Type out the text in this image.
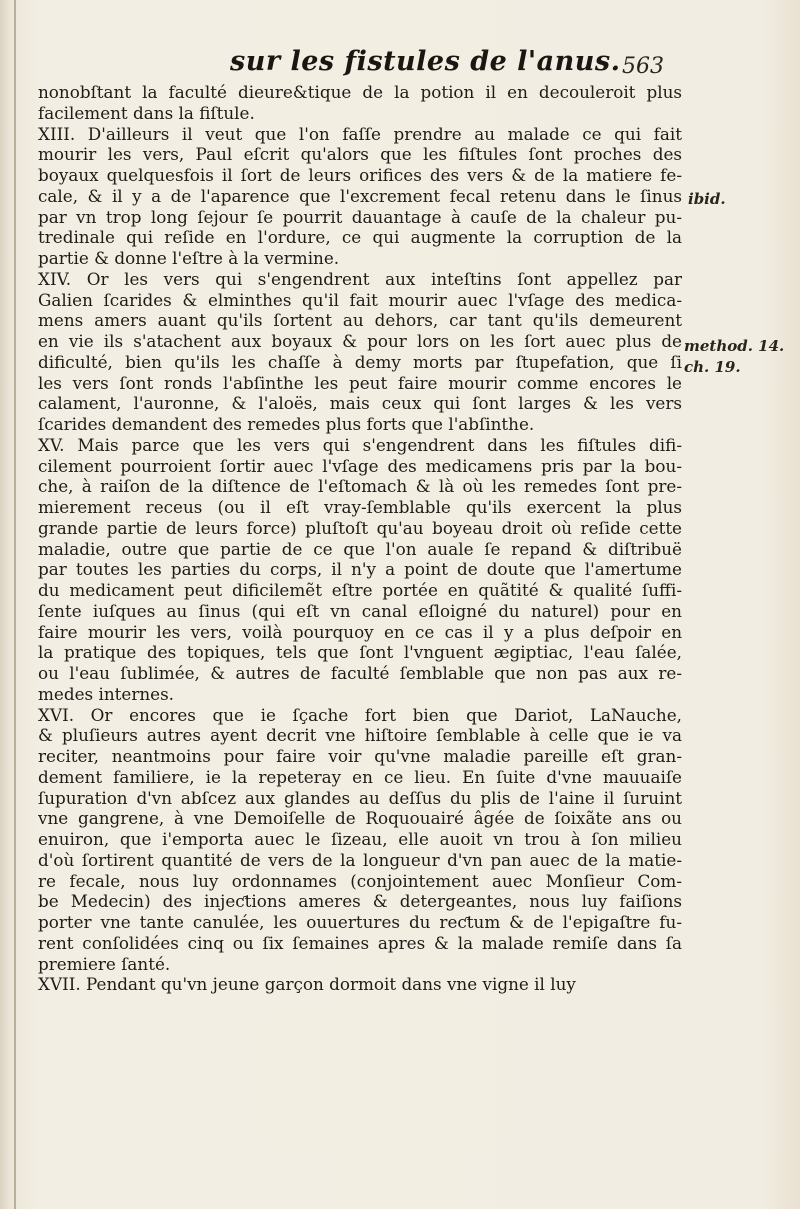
sur les fistules de l'anus. 563
nonobſtant la faculté dieure&tique de la potion il en decoulerоit plus
facilement dans la fiſtule.
XIII. D'ailleurs il veut que l'on faſſe prendre au malade ce qui fait
mourir les vers, Paul eſcrit qu'alors que les fiſtules ſont proches des
boyaux quelquesfois il ſort de leurs orifices des vers & de la matiere fe-
cale, & il y a de l'aparence que l'excrement fecal retenu dans le ſinus
par vn trop long ſejour ſe pourrit dauantage à cauſe de la chaleur pu-
tredinale qui reſide en l'ordure, ce qui augmente la corruption de la
partie & donne l'eſtre à la vermine.
XIV. Or les vers qui s'engendrent aux inteſtins ſont appellez par
Galien ſcarides & elminthes qu'il fait mourir auec l'vſage des medica-
mens amers auant qu'ils ſortent au dehors, car tant qu'ils demeurent
en vie ils s'atachent aux boyaux & pour lors on les ſort auec plus de
dificulté, bien qu'ils les chaſſe à demy morts par ſtupefation, que ſi
les vers ſont ronds l'abſinthe les peut faire mourir comme encores le
calament, l'auronne, & l'aloës, mais ceux qui ſont larges & les vers
ſcarides demandent des remedes plus forts que l'abſinthe.
XV. Mais parce que les vers qui s'engendrent dans les fiſtules difi-
cilement pourroient ſortir auec l'vſage des medicamens pris par la bou-
che, à raiſon de la diſtence de l'eſtomach & là où les remedes ſont pre-
mierement receus (ou il eſt vray-ſemblable qu'ils exercent la plus
grande partie de leurs force) pluſtoſt qu'au boyeau droit où reſide cette
maladie, outre que partie de ce que l'on auale ſe repand & diſtribuë
par toutes les parties du corps, il n'y a point de doute que l'amertume
du medicament peut dificilemẽt eſtre portée en quãtité & qualité ſuffi-
ſente iuſques au ſinus (qui eſt vn canal eſloigné du naturel) pour en
faire mourir les vers, voilà pourquoy en ce cas il y a plus deſpoir en
la pratique des topiques, tels que ſont l'vnguent ægiptiac, l'eau ſalée,
ou l'eau ſublimée, & autres de faculté ſemblable que non pas aux re-
medes internes.
XVI. Or encores que ie ſçache fort bien que Dariot, LaNauche,
& pluſieurs autres ayent decrit vne hiſtoire ſemblable à celle que ie va
reciter, neantmoins pour faire voir qu'vne maladie pareille eſt gran-
dement familiere, ie la repeteray en ce lieu. En ſuite d'vne mauuaiſe
ſupuration d'vn abſcez aux glandes au deſſus du plis de l'aine il ſuruint
vne gangrene, à vne Demoiſelle de Roquouairé âgée de ſoixãte ans ou
enuiron, que i'emporta auec le ſizeau, elle auoit vn trou à ſon milieu
d'où ſortirent quantité de vers de la longueur d'vn pan auec de la matie-
re fecale, nous luy ordonnames (conjointement auec Monſieur Com-
be Medecin) des injeƈtions ameres & detergeantes, nous luy faiſions
porter vne tante canulée, les ouuertures du reƈtum & de l'epigaſtre fu-
rent conſolidées cinq ou ſix ſemaines apres & la malade remiſe dans ſa
premiere ſanté.
XVII. Pendant qu'vn jeune garçon dormoit dans vne vigne il luy
ibid.
method. 14.
ch. 19.
